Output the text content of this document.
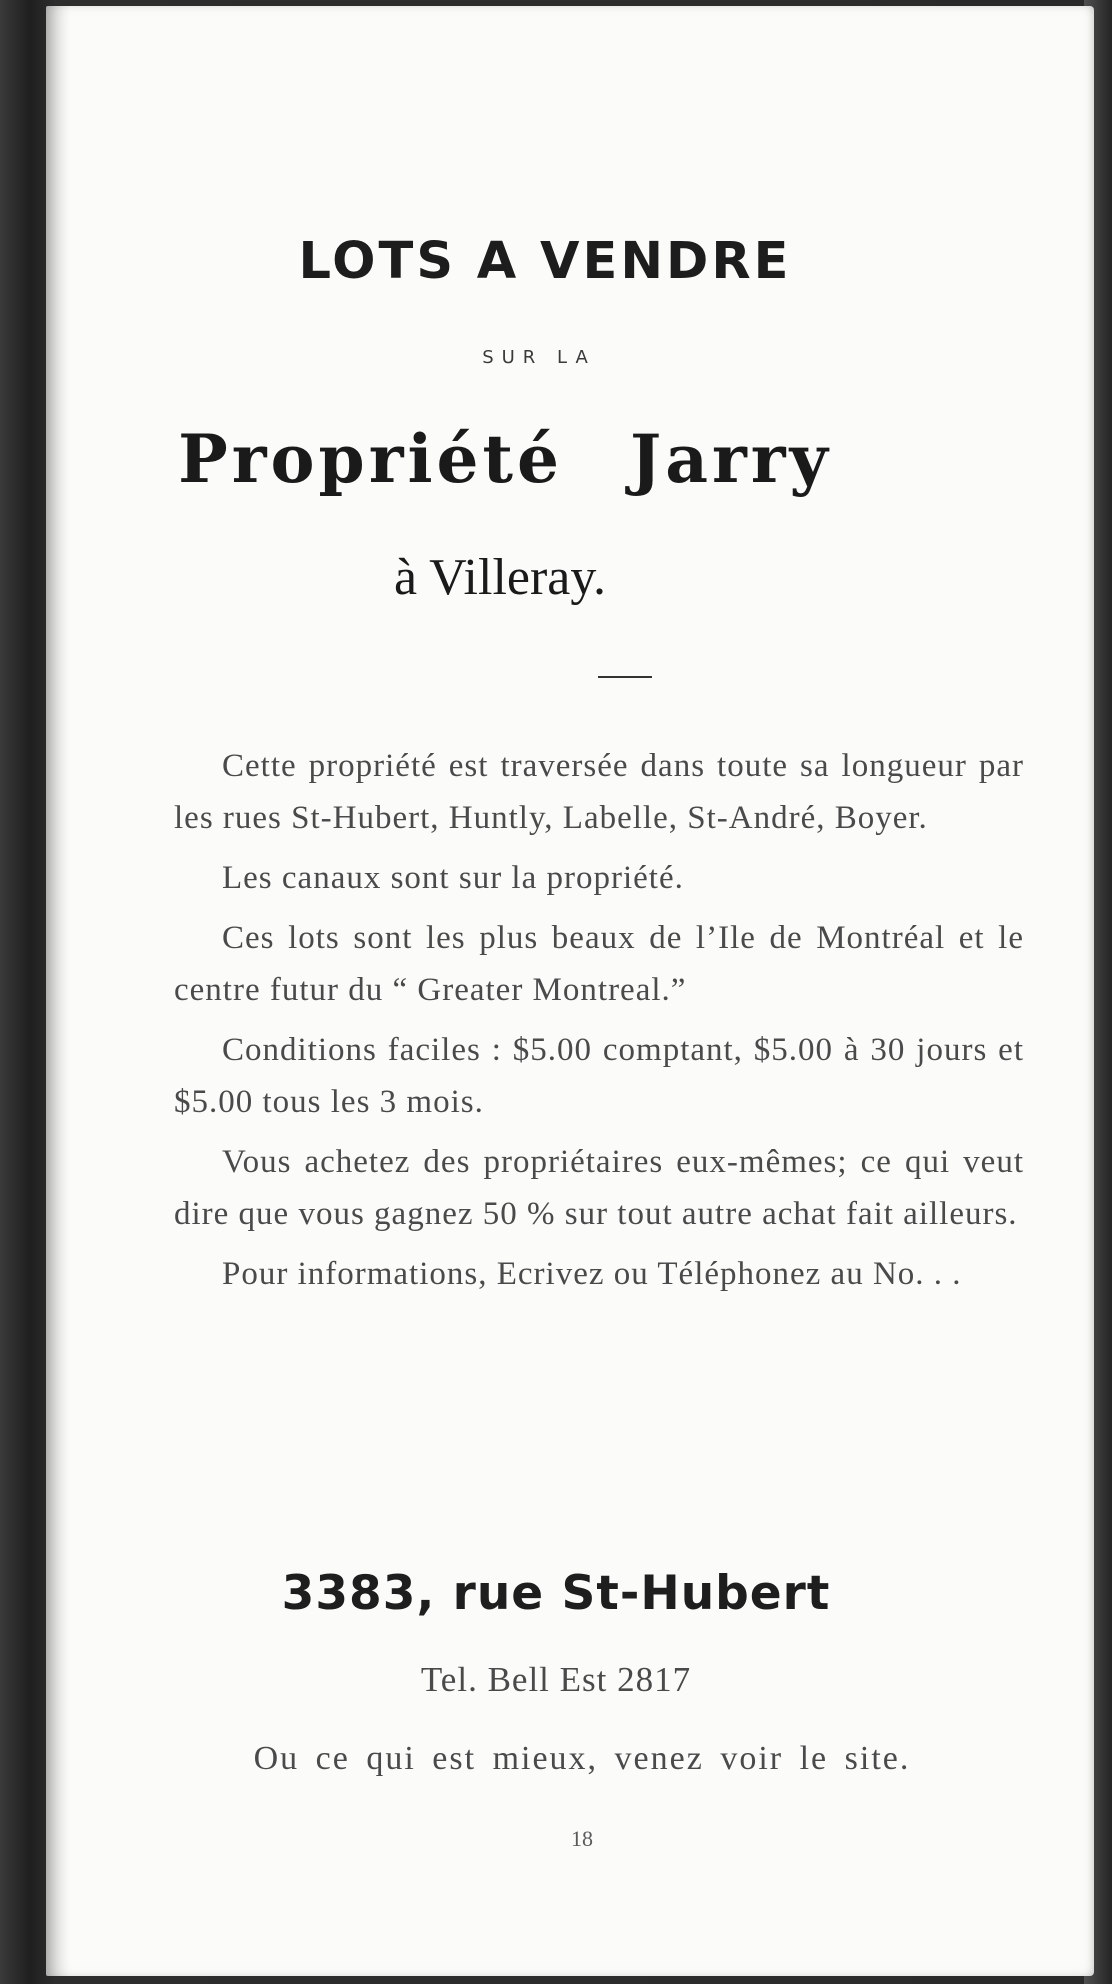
LOTS A VENDRE
SUR LA
Propriété Jarry
à Villeray.

Cette propriété est traversée dans toute sa longueur par les rues St-Hubert, Huntly, Labelle, St-André, Boyer.

Les canaux sont sur la propriété.

Ces lots sont les plus beaux de l’Ile de Montréal et le centre futur du “ Greater Montreal.”

Conditions faciles : $5.00 comptant, $5.00 à 30 jours et $5.00 tous les 3 mois.

Vous achetez des propriétaires eux-mêmes; ce qui veut dire que vous gagnez 50 % sur tout autre achat fait ailleurs.

Pour informations, Ecrivez ou Téléphonez au No. . .

3383, rue St-Hubert
Tel. Bell Est 2817
Ou ce qui est mieux, venez voir le site.
18
